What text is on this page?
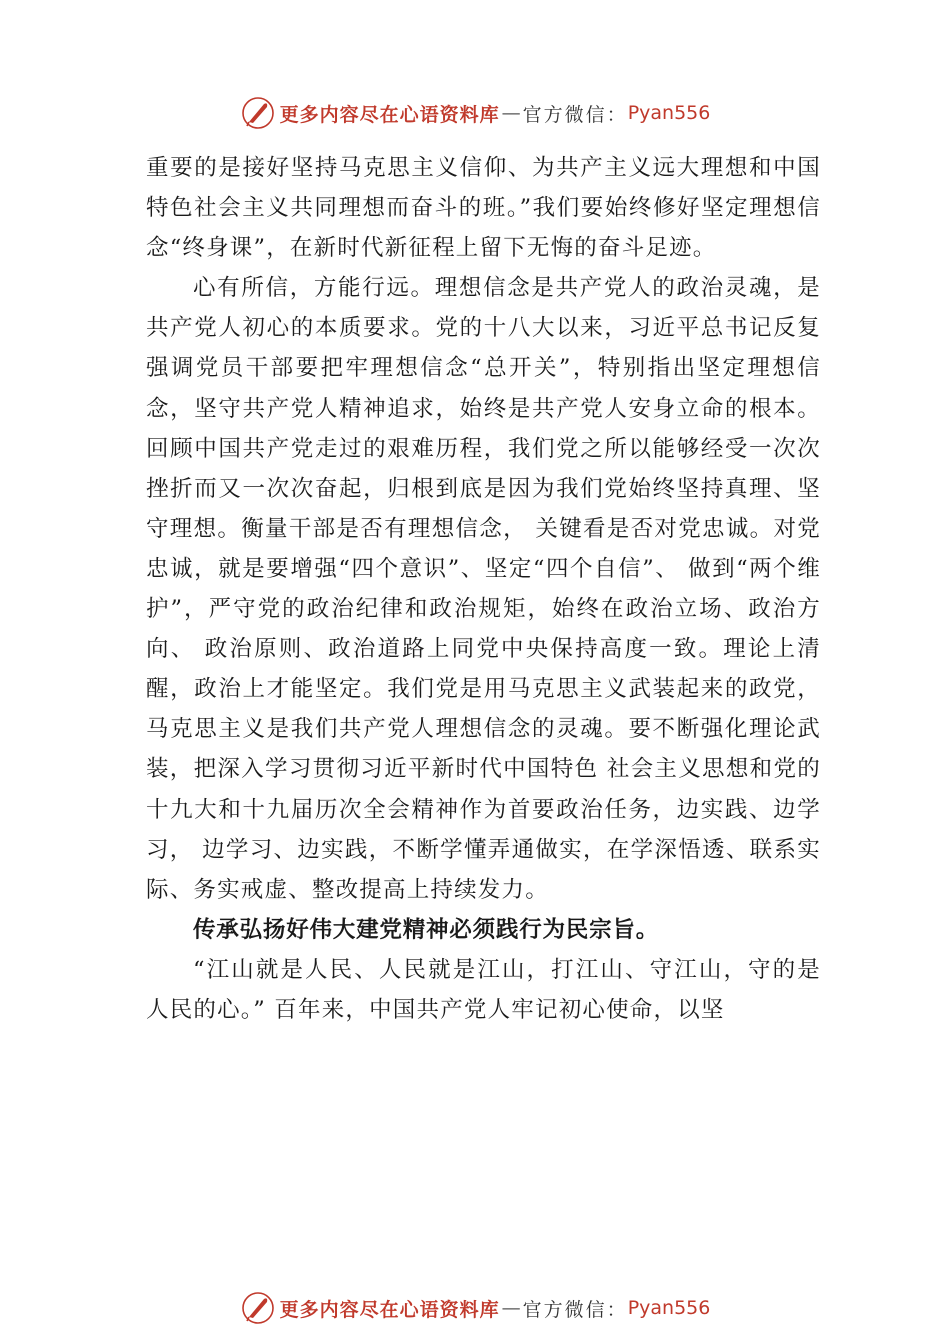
更多内容尽在心语资料库 — 官方微信： Pyan556

重要的是接好坚持马克思主义信仰、为共产主义远大理想和中国特色社会主义共同理想而奋斗的班。”我们要始终修好坚定理想信念“终身课”，在新时代新征程上留下无悔的奋斗足迹。

心有所信，方能行远。理想信念是共产党人的政治灵魂，是共产党人初心的本质要求。党的十八大以来，习近平总书记反复强调党员干部要把牢理想信念“总开关”，特别指出坚定理想信念，坚守共产党人精神追求，始终是共产党人安身立命的根本。回顾中国共产党走过的艰难历程，我们党之所以能够经受一次次挫折而又一次次奋起，归根到底是因为我们党始终坚持真理、坚守理想。衡量干部是否有理想信念， 关键看是否对党忠诚。对党忠诚，就是要增强“四个意识”、坚定“四个自信”、 做到“两个维护”，严守党的政治纪律和政治规矩，始终在政治立场、政治方向、 政治原则、政治道路上同党中央保持高度一致。理论上清醒，政治上才能坚定。我们党是用马克思主义武装起来的政党，马克思主义是我们共产党人理想信念的灵魂。要不断强化理论武装，把深入学习贯彻习近平新时代中国特色 社会主义思想和党的十九大和十九届历次全会精神作为首要政治任务，边实践、边学习， 边学习、边实践，不断学懂弄通做实，在学深悟透、联系实际、务实戒虚、整改提高上持续发力。

传承弘扬好伟大建党精神必须践行为民宗旨。

“江山就是人民、人民就是江山，打江山、守江山，守的是人民的心。” 百年来，中国共产党人牢记初心使命，以坚

更多内容尽在心语资料库 — 官方微信： Pyan556
